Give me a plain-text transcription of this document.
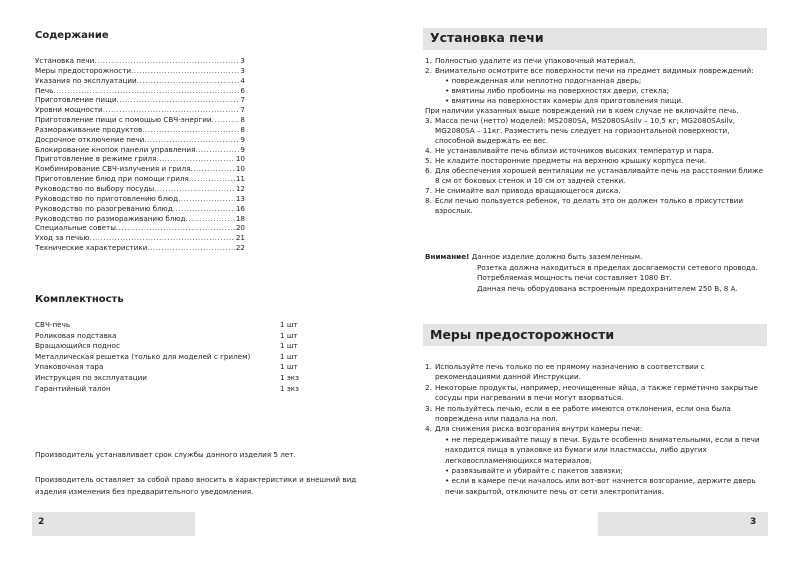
Содержание
Установка печи .....	3
Меры предосторожности .....	3
Указания по эксплуатации .....	4
Печь .....	6
Приготовление пищи .....	7
Уровни мощности .....	7
Приготовление пищи с помощью СВЧ-энергии .....	8
Размораживание продуктов .....	8
Досрочное отключение печи .....	9
Блокирование кнопок панели управления .....	9
Приготовление в режиме гриля .....	10
Комбинирование СВЧ-излучения и гриля .....	10
Приготовление блюд при помощи гриля .....	11
Руководство по выбору посуды .....	12
Руководство по приготовлению блюд .....	13
Руководство по разогреванию блюд .....	16
Руководство по размораживанию блюд .....	18
Специальные советы .....	20
Уход за печью .....	21
Технические характеристики .....	22
Комплектность
СВЧ-печь	1 шт
Роликовая подставка	1 шт
Вращающийся поднос	1 шт
Металлическая решетка (только для моделей с грилем)	1 шт
Упаковочная тара	1 шт
Инструкция по эксплуатации	1 экз
Гарантийный талон	1 экз
Производитель устанавливает срок службы данного изделия 5 лет.
Производитель оставляет за собой право вносить в характеристики и внешний вид изделия изменения без предварительного уведомления.
2
Установка печи
1. Полностью удалите из печи упаковочный материал.
2. Внимательно осмотрите все поверхности печи на предмет видимых повреждений:
• поврежденная или неплотно подогнанная дверь;
• вмятины либо пробоины на поверхностях двери, стекла;
• вмятины на поверхностях камеры для приготовления пищи.
При наличии указанных выше повреждений ни в коем случае не включайте печь.
3. Масса печи (нетто) моделей: MS2080SA, MS2080SAsilv – 10,5 кг; MG2080SAsilv, MG2080SA – 11кг. Разместить печь следует на горизонтальной поверхности, способной выдержать ее вес.
4. Не устанавливайте печь вблизи источников высоких температур и пара.
5. Не кладите посторонние предметы на верхнюю крышку корпуса печи.
6. Для обеспечения хорошей вентиляции не устанавливайте печь на расстоянии ближе 8 см от боковых стенок и 10 см от задней стенки.
7. Не снимайте вал привода вращающегося диска.
8. Если печью пользуется ребенок, то делать это он должен только в присутствии взрослых.
Внимание! Данное изделие должно быть заземленным.
Розетка должна находиться в пределах досягаемости сетевого провода. Потребляемая мощность печи составляет 1080 Вт.
Данная печь оборудована встроенным предохранителем 250 В, 8 А.
Меры предосторожности
1. Используйте печь только по ее прямому назначению в соответствии с рекомендациями данной Инструкции.
2. Некоторые продукты, например, неочищенные яйца, а также герметично закрытые сосуды при нагревании в печи могут взорваться.
3. Не пользуйтесь печью, если в ее работе имеются отклонения, если она была повреждена или падала на пол.
4. Для снижения риска возгорания внутри камеры печи:
• не передерживайте пищу в печи. Будьте особенно внимательными, если в печи находится пища в упаковке из бумаги или пластмассы, либо других легковоспламеняющихся материалов;
• развязывайте и убирайте с пакетов завязки;
• если в камере печи началось или вот-вот начнется возгорание, держите дверь печи закрытой, отключите печь от сети электропитания.
3
